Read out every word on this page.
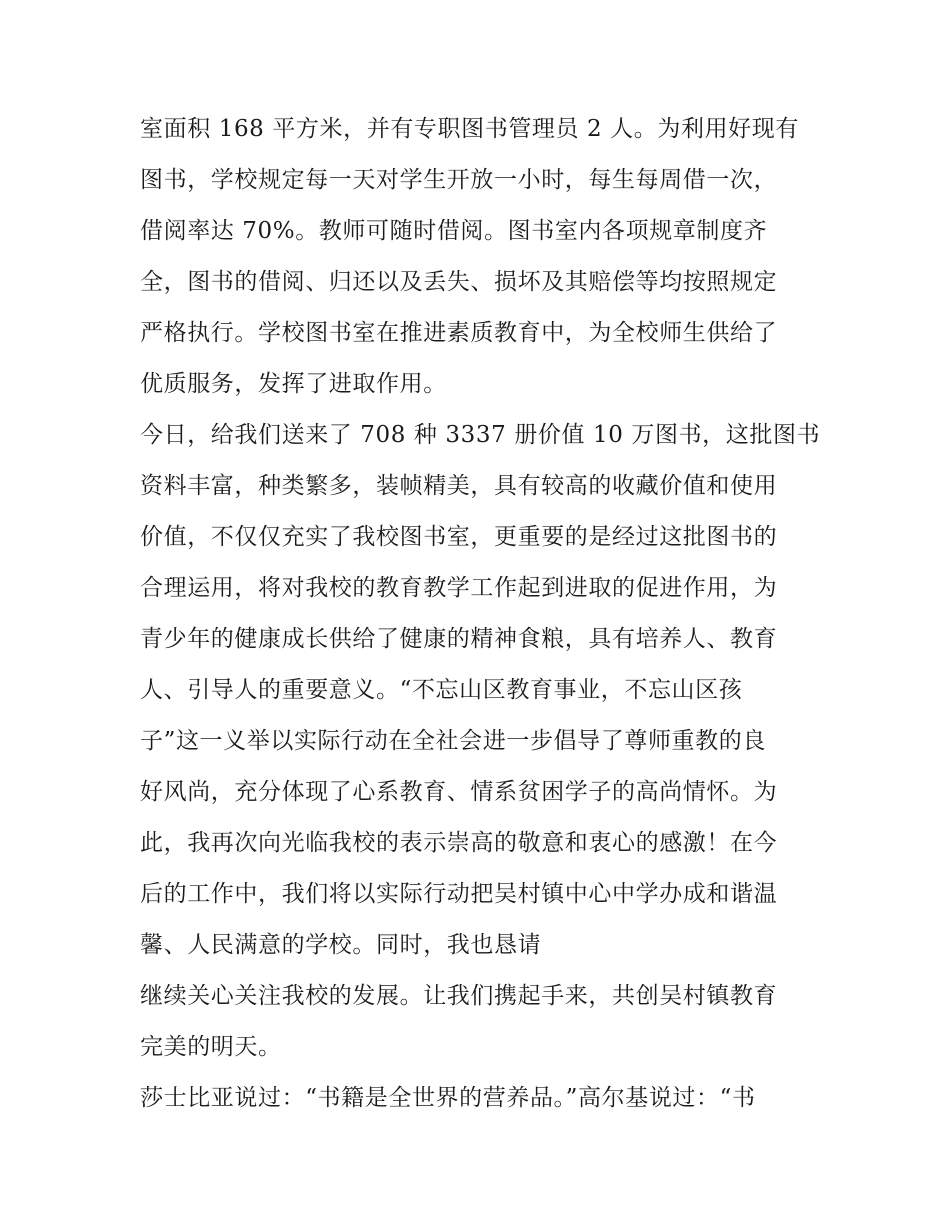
室面积 168 平方米，并有专职图书管理员 2 人。为利用好现有
图书，学校规定每一天对学生开放一小时，每生每周借一次，
借阅率达 70%。教师可随时借阅。图书室内各项规章制度齐
全，图书的借阅、归还以及丢失、损坏及其赔偿等均按照规定
严格执行。学校图书室在推进素质教育中，为全校师生供给了
优质服务，发挥了进取作用。
今日，给我们送来了 708 种 3337 册价值 10 万图书，这批图书
资料丰富，种类繁多，装帧精美，具有较高的收藏价值和使用
价值，不仅仅充实了我校图书室，更重要的是经过这批图书的
合理运用，将对我校的教育教学工作起到进取的促进作用，为
青少年的健康成长供给了健康的精神食粮，具有培养人、教育
人、引导人的重要意义。“不忘山区教育事业，不忘山区孩
子”这一义举以实际行动在全社会进一步倡导了尊师重教的良
好风尚，充分体现了心系教育、情系贫困学子的高尚情怀。为
此，我再次向光临我校的表示崇高的敬意和衷心的感激！在今
后的工作中，我们将以实际行动把吴村镇中心中学办成和谐温
馨、人民满意的学校。同时，我也恳请
继续关心关注我校的发展。让我们携起手来，共创吴村镇教育
完美的明天。
莎士比亚说过：“书籍是全世界的营养品。”高尔基说过：“书
